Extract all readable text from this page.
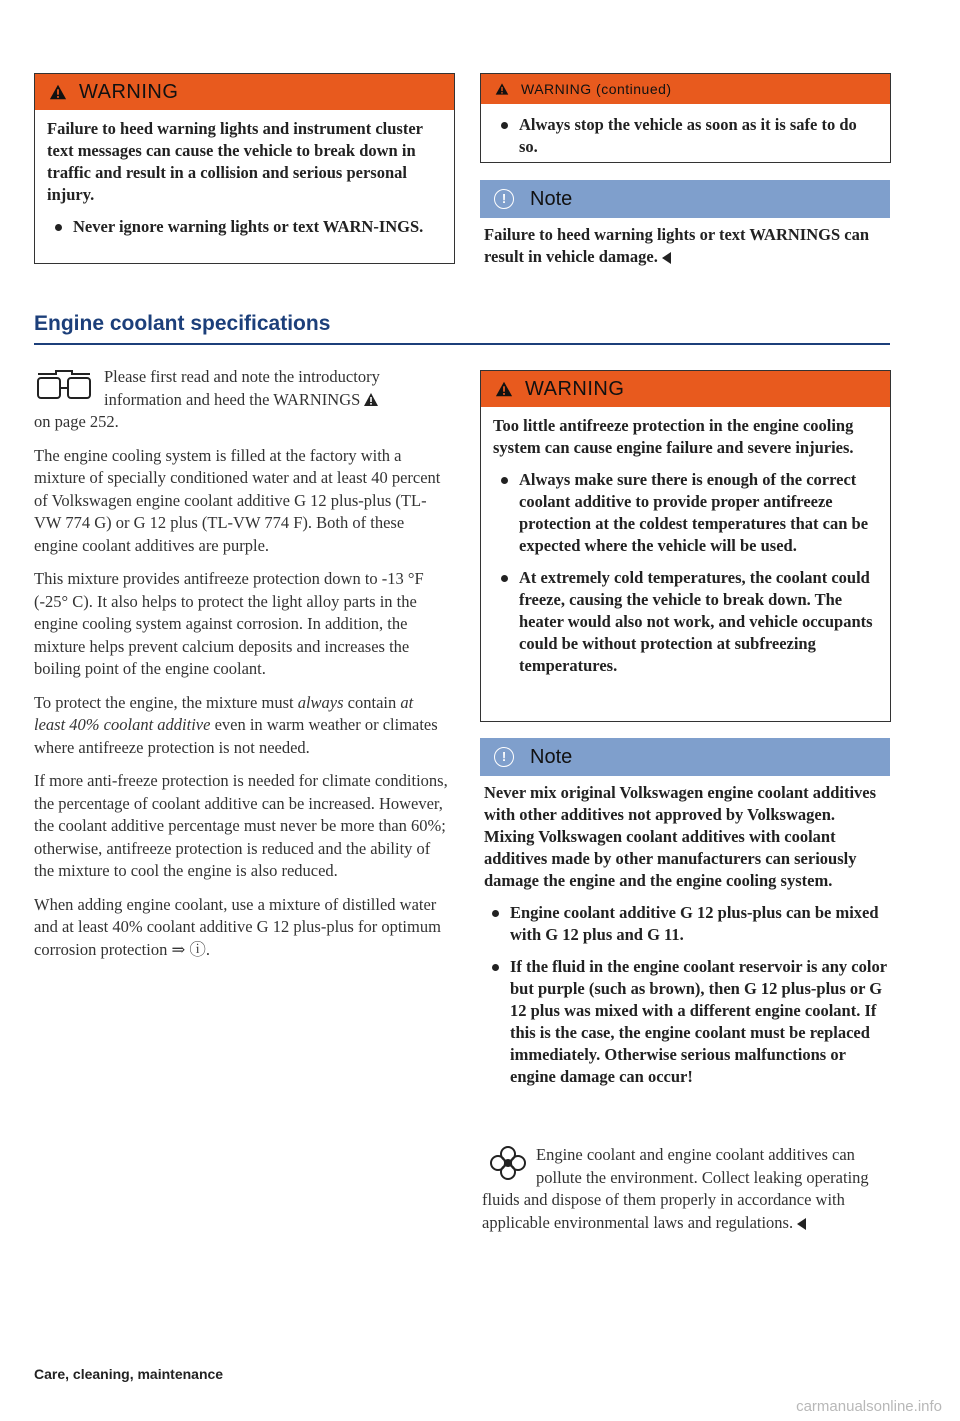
WARNING

Failure to heed warning lights and instrument cluster text messages can cause the vehicle to break down in traffic and result in a collision and serious personal injury.

Never ignore warning lights or text WARN-INGS.
Engine coolant specifications

Please first read and note the introductory information and heed the WARNINGS
on page 252.

The engine cooling system is filled at the factory with a mixture of specially conditioned water and at least 40 percent of Volkswagen engine coolant additive G 12 plus-plus (TL-VW 774 G) or G 12 plus (TL-VW 774 F). Both of these engine coolant additives are purple.

This mixture provides antifreeze protection down to -13 °F (-25° C). It also helps to protect the light alloy parts in the engine cooling system against corrosion. In addition, the mixture helps prevent calcium deposits and increases the boiling point of the engine coolant.

To protect the engine, the mixture must always contain at least 40% coolant additive even in warm weather or climates where antifreeze protection is not needed.

If more anti-freeze protection is needed for climate conditions, the percentage of coolant additive can be increased. However, the coolant additive percentage must never be more than 60%; otherwise, antifreeze protection is reduced and the ability of the mixture to cool the engine is also reduced.

When adding engine coolant, use a mixture of distilled water and at least 40% coolant additive G 12 plus-plus for optimum corrosion protection ⇒ ⓘ.

WARNING (continued)
Always stop the vehicle as soon as it is safe to do so.
!	Note

Failure to heed warning lights or text WARNINGS can result in vehicle damage.

WARNING

Too little antifreeze protection in the engine cooling system can cause engine failure and severe injuries.

Always make sure there is enough of the correct coolant additive to provide proper antifreeze protection at the coldest temperatures that can be expected where the vehicle will be used.
At extremely cold temperatures, the coolant could freeze, causing the vehicle to break down. The heater would also not work, and vehicle occupants could be without protection at subfreezing temperatures.
!	Note

Never mix original Volkswagen engine coolant additives with other additives not approved by Volkswagen. Mixing Volkswagen coolant additives with coolant additives made by other manufacturers can seriously damage the engine and the engine cooling system.

Engine coolant additive G 12 plus-plus can be mixed with G 12 plus and G 11.
If the fluid in the engine coolant reservoir is any color but purple (such as brown), then G 12 plus-plus or G 12 plus was mixed with a different engine coolant. If this is the case, the engine coolant must be replaced immediately. Otherwise serious malfunctions or engine damage can occur!

Engine coolant and engine coolant additives can pollute the environment. Collect leaking operating fluids and dispose of them properly in accordance with applicable environmental laws and regulations.

Care, cleaning, maintenance
carmanualsonline.info
